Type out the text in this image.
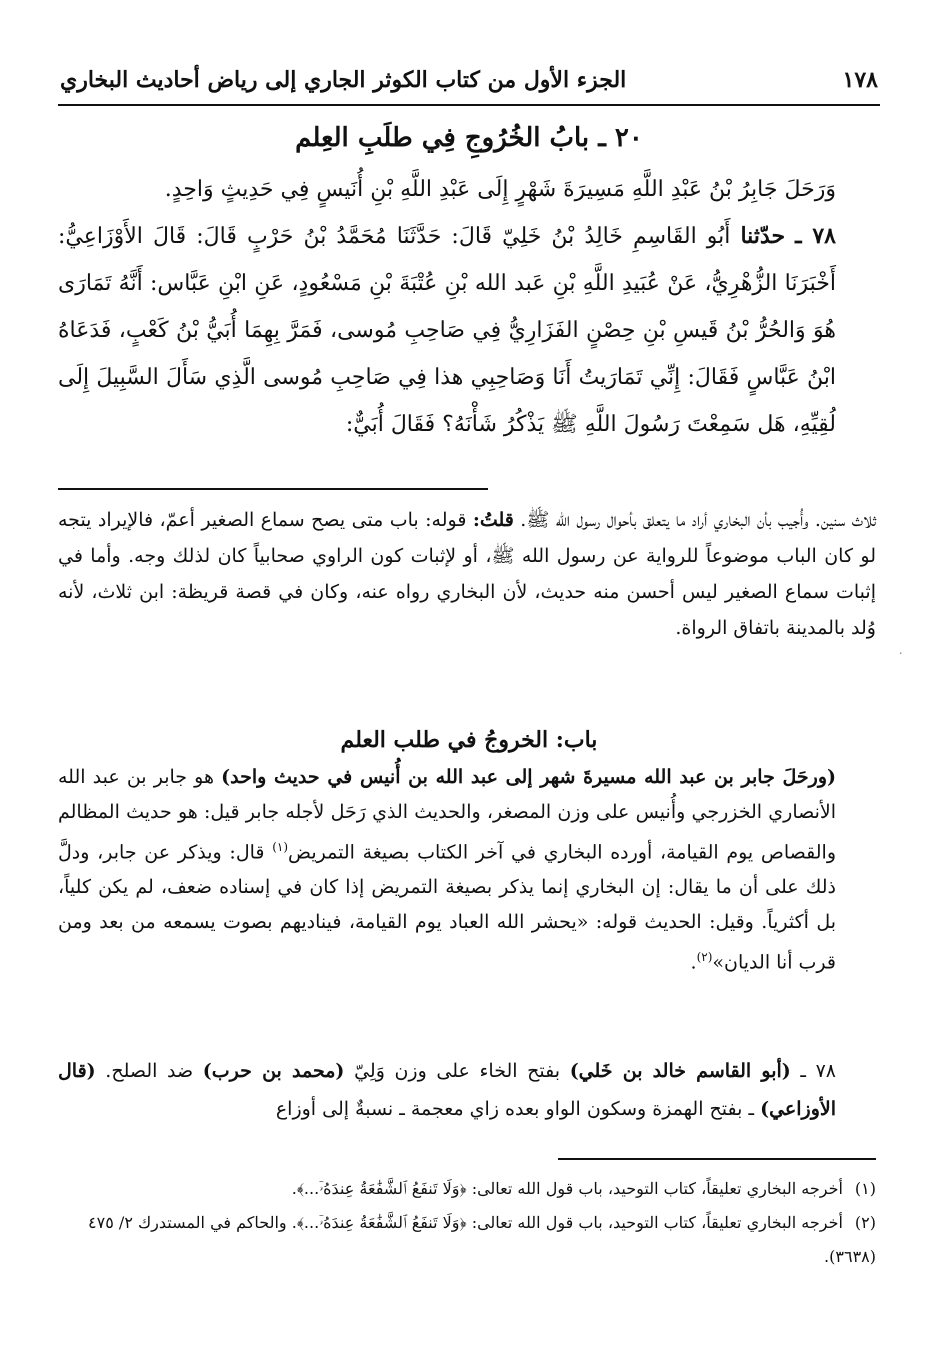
١٧٨
الجزء الأول من كتاب الكوثر الجاري إلى رياض أحاديث البخاري
٢٠ ـ بابُ الخُرُوجِ فِي طلَبِ العِلم

وَرَحَلَ جَابِرُ بْنُ عَبْدِ اللَّهِ مَسِيرَةَ شَهْرٍ إِلَى عَبْدِ اللَّهِ بْنِ أُنَيسٍ فِي حَدِيثٍ وَاحِدٍ.

٧٨ ـ حدّثنا أَبُو القَاسِمِ خَالِدُ بْنُ خَلِيّ قَالَ: حَدَّثَنَا مُحَمَّدُ بْنُ حَرْبٍ قَالَ: قَالَ الأَوْزَاعِيُّ: أَخْبَرَنَا الزُّهْرِيُّ، عَنْ عُبَيدِ اللَّهِ بْنِ عَبد الله بْنِ عُتْبَةَ بْنِ مَسْعُودٍ، عَنِ ابْنِ عَبَّاس: أَنَّهُ تَمَارَى هُوَ وَالحُرُّ بْنُ قَيسِ بْنِ حِصْنٍ الفَزَارِيُّ فِي صَاحِبِ مُوسى، فَمَرَّ بِهِمَا أُبَيُّ بْنُ كَعْبٍ، فَدَعَاهُ ابْنُ عَبَّاسٍ فَقَالَ: إِنِّي تَمَارَيتُ أَنَا وَصَاحِبِي هذا فِي صَاحِبِ مُوسى الَّذِي سَأَلَ السَّبِيلَ إِلَى لُقِيِّهِ، هَل سَمِعْتَ رَسُولَ اللَّهِ ﷺ يَذْكُرُ شَأْنَهُ؟ فَقَالَ أُبَيٌّ:

ثلاث سنين. وأُجيب بأن البخاري أراد ما يتعلق بأحوال رسول الله ﷺ. قلتُ: قوله: باب متى يصح سماع الصغير أعمّ، فالإيراد يتجه لو كان الباب موضوعاً للرواية عن رسول الله ﷺ، أو لإثبات كون الراوي صحابياً كان لذلك وجه. وأما في إثبات سماع الصغير ليس أحسن منه حديث، لأن البخاري رواه عنه، وكان في قصة قريظة: ابن ثلاث، لأنه وُلد بالمدينة باتفاق الرواة.

باب: الخروجُ في طلب العلم

(ورحَلَ جابر بن عبد الله مسيرةَ شهر إلى عبد الله بن أُنيس في حديث واحد) هو جابر بن عبد الله الأنصاري الخزرجي وأُنيس على وزن المصغر، والحديث الذي رَحَل لأجله جابر قيل: هو حديث المظالم والقصاص يوم القيامة، أورده البخاري في آخر الكتاب بصيغة التمريض$^{(١)}$ قال: ويذكر عن جابر، ودلَّ ذلك على أن ما يقال: إن البخاري إنما يذكر بصيغة التمريض إذا كان في إسناده ضعف، لم يكن كلياً، بل أكثرياً. وقيل: الحديث قوله: «يحشر الله العباد يوم القيامة، فيناديهم بصوت يسمعه من بعد ومن قرب أنا الديان»$^{(٢)}$.

٧٨ ـ (أبو القاسم خالد بن خَلي) بفتح الخاء على وزن وَلِيّ (محمد بن حرب) ضد الصلح. (قال الأوزاعي) ـ بفتح الهمزة وسكون الواو بعده زاي معجمة ـ نسبةٌ إلى أوزاع

(١)أخرجه البخاري تعليقاً، كتاب التوحيد، باب قول الله تعالى: ﴿وَلَا تَنفَعُ ٱلشَّفَٰعَةُ عِندَهُۥٓ...﴾.

(٢)أخرجه البخاري تعليقاً، كتاب التوحيد، باب قول الله تعالى: ﴿وَلَا تَنفَعُ ٱلشَّفَٰعَةُ عِندَهُۥٓ...﴾. والحاكم في المستدرك ٢/ ٤٧٥ (٣٦٣٨).

٠
